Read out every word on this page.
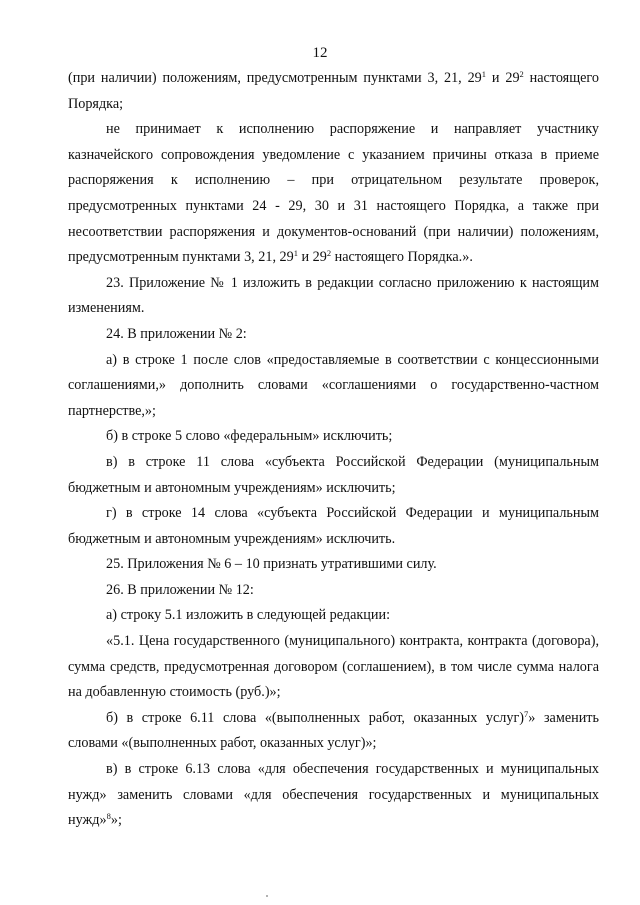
12

(при наличии) положениям, предусмотренным пунктами 3, 21, $29^1$ и $29^2$ настоящего Порядка;

не принимает к исполнению распоряжение и направляет участнику казначейского сопровождения уведомление с указанием причины отказа в приеме распоряжения к исполнению – при отрицательном результате проверок, предусмотренных пунктами 24 - 29, 30 и 31 настоящего Порядка, а также при несоответствии распоряжения и документов-оснований (при наличии) положениям, предусмотренным пунктами 3, 21, $29^1$ и $29^2$ настоящего Порядка.».

23. Приложение № 1 изложить в редакции согласно приложению к настоящим изменениям.

24. В приложении № 2:

а) в строке 1 после слов «предоставляемые в соответствии с концессионными соглашениями,» дополнить словами «соглашениями о государственно-частном партнерстве,»;

б) в строке 5 слово «федеральным» исключить;

в) в строке 11 слова «субъекта Российской Федерации (муниципальным бюджетным и автономным учреждениям» исключить;

г) в строке 14 слова «субъекта Российской Федерации и муниципальным бюджетным и автономным учреждениям» исключить.

25. Приложения № 6 – 10 признать утратившими силу.

26. В приложении № 12:

а) строку 5.1 изложить в следующей редакции:

«5.1. Цена государственного (муниципального) контракта, контракта (договора), сумма средств, предусмотренная договором (соглашением), в том числе сумма налога на добавленную стоимость (руб.)»;

б) в строке 6.11 слова «(выполненных работ, оказанных услуг)$^7$» заменить словами «(выполненных работ, оказанных услуг)»;

в) в строке 6.13 слова «для обеспечения государственных и муниципальных нужд» заменить словами «для обеспечения государственных и муниципальных нужд»$^8$»;
